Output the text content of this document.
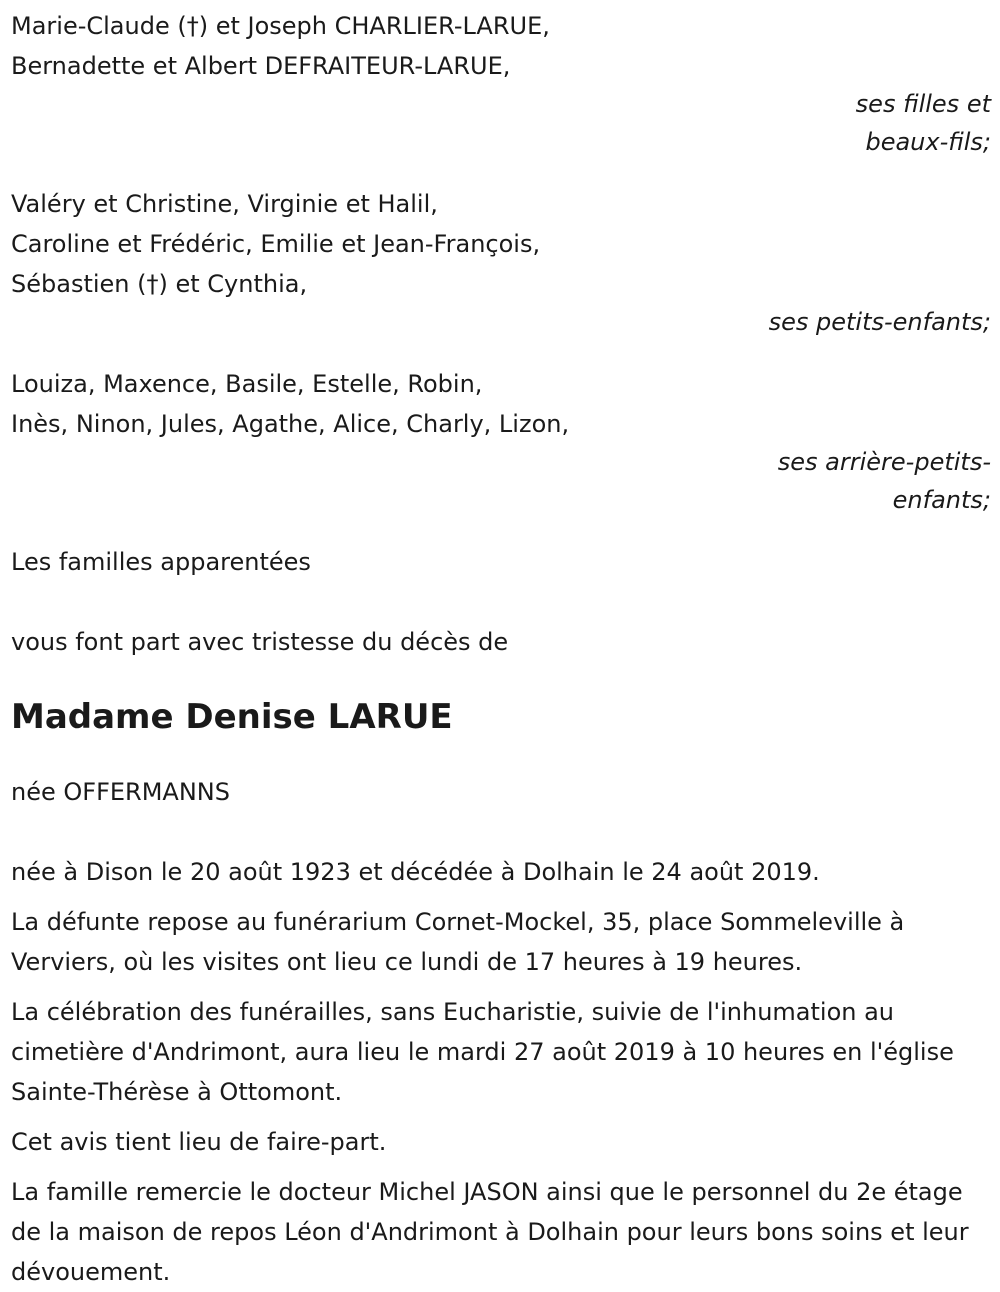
Marie-Claude (†) et Joseph CHARLIER-LARUE,
Bernadette et Albert DEFRAITEUR-LARUE,
ses filles et
beaux-fils;
Valéry et Christine, Virginie et Halil,
Caroline et Frédéric, Emilie et Jean-François,
Sébastien (†) et Cynthia,
ses petits-enfants;
Louiza, Maxence, Basile, Estelle, Robin,
Inès, Ninon, Jules, Agathe, Alice, Charly, Lizon,
ses arrière-petits-
enfants;
Les familles apparentées
vous font part avec tristesse du décès de
Madame Denise LARUE
née OFFERMANNS

née à Dison le 20 août 1923 et décédée à Dolhain le 24 août 2019.

La défunte repose au funérarium Cornet-Mockel, 35, place Sommeleville à Verviers, où les visites ont lieu ce lundi de 17 heures à 19 heures.

La célébration des funérailles, sans Eucharistie, suivie de l'inhumation au cimetière d'Andrimont, aura lieu le mardi 27 août 2019 à 10 heures en l'église Sainte-Thérèse à Ottomont.

Cet avis tient lieu de faire-part.

La famille remercie le docteur Michel JASON ainsi que le personnel du 2e étage de la maison de repos Léon d'Andrimont à Dolhain pour leurs bons soins et leur dévouement.
